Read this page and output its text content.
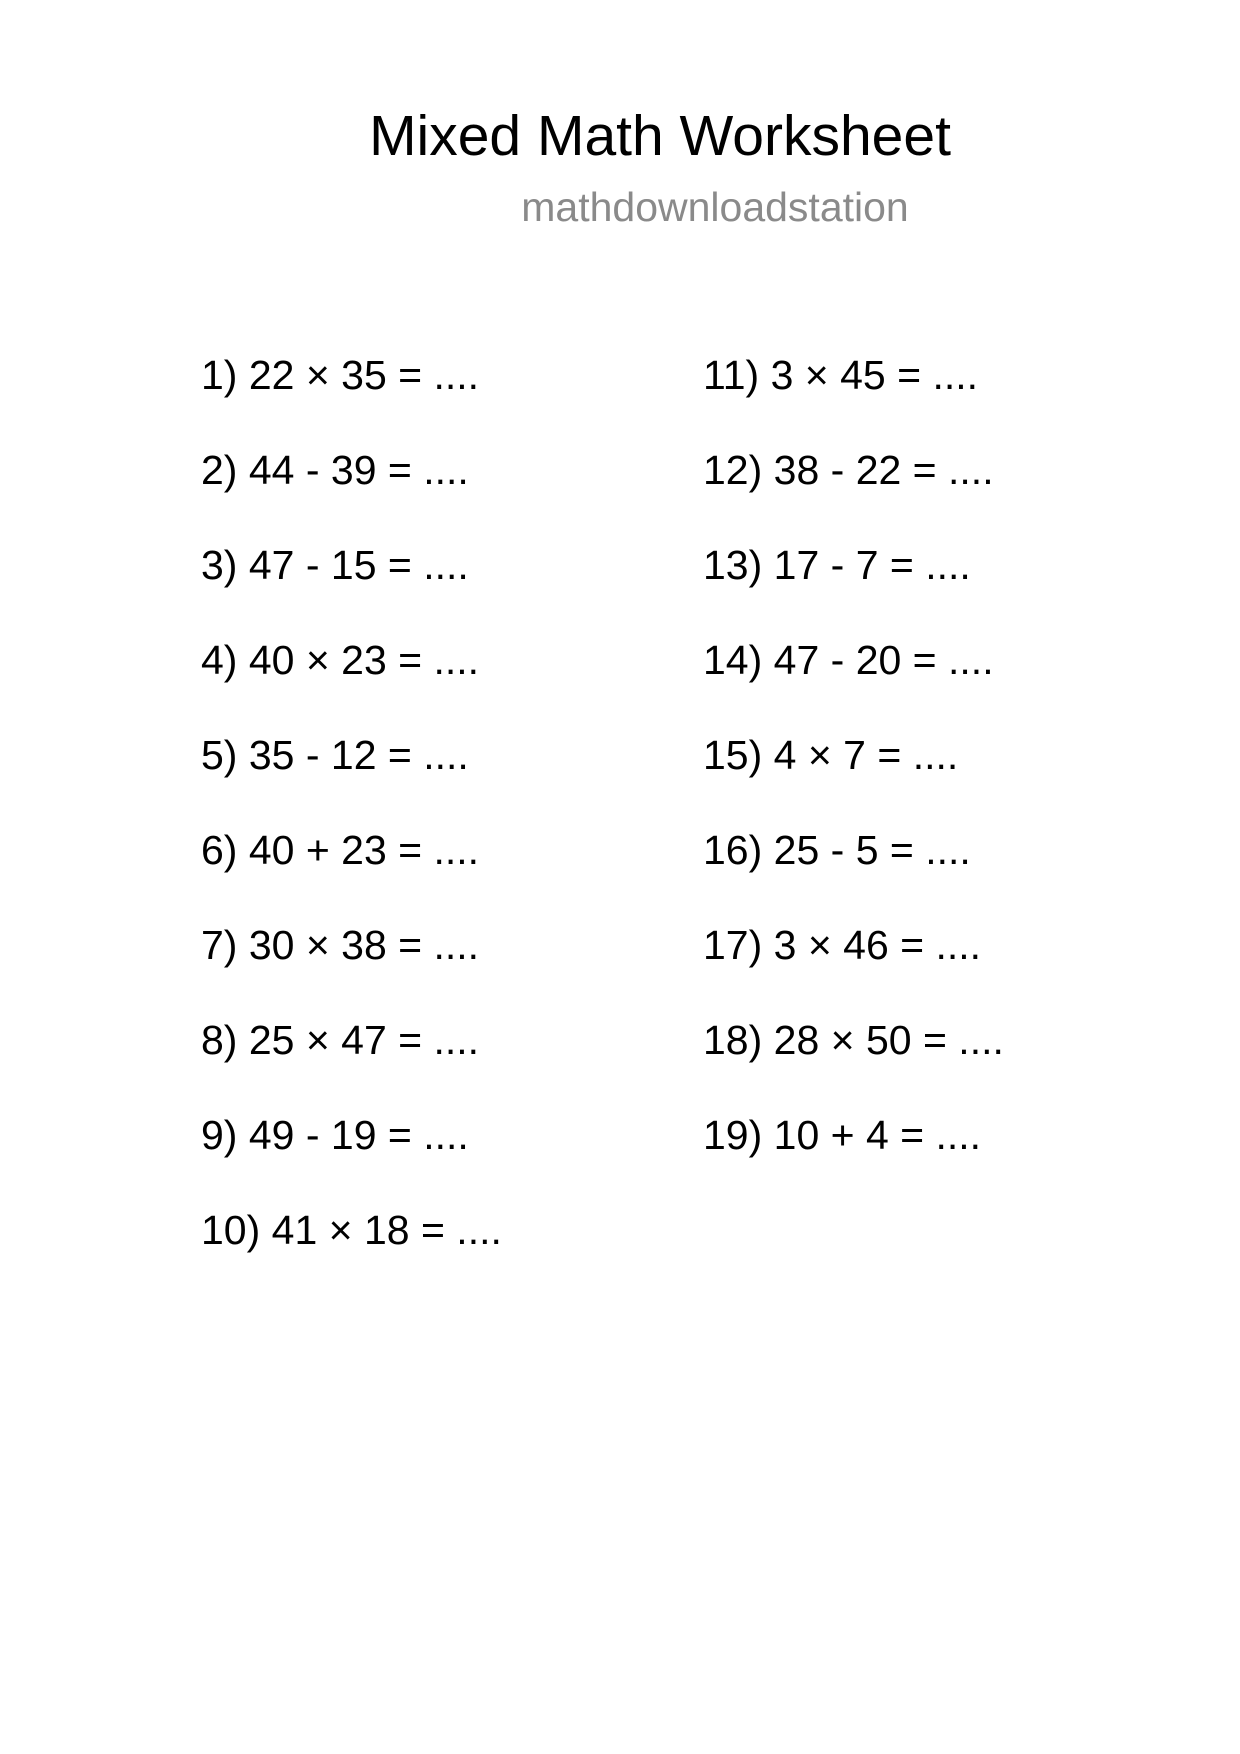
Mixed Math Worksheet
mathdownloadstation
1) 22 × 35 = ....
2) 44 - 39 = ....
3) 47 - 15 = ....
4) 40 × 23 = ....
5) 35 - 12 = ....
6) 40 + 23 = ....
7) 30 × 38 = ....
8) 25 × 47 = ....
9) 49 - 19 = ....
10) 41 × 18 = ....
11) 3 × 45 = ....
12) 38 - 22 = ....
13) 17 - 7 = ....
14) 47 - 20 = ....
15) 4 × 7 = ....
16) 25 - 5 = ....
17) 3 × 46 = ....
18) 28 × 50 = ....
19) 10 + 4 = ....
